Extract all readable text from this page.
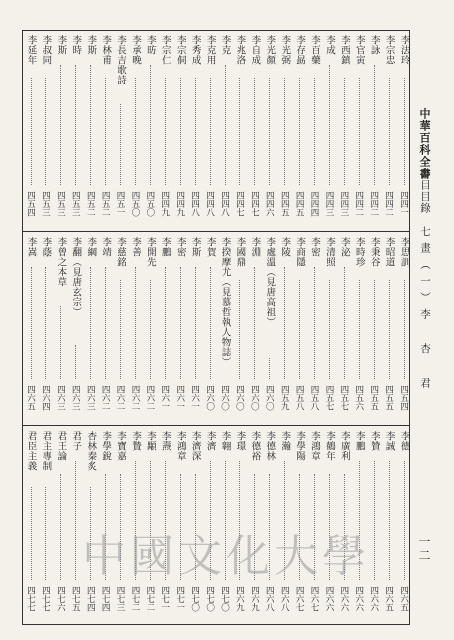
李法玲
四四一
李宗忠
四四二
李詠
四四二
李官寅
四四二
李西鎮
四四三
李成
四四三
李百藥
四四四
李存勗
四四五
李光弼
四四五
李光顏
四四六
李自成
四四七
李兆洛
四四七
李克
四四八
李克用
四四八
李秀成
四四八
李宗侗
四四九
李宗仁
四四九
李昉
四五〇
李承晚
四五〇
李長吉歌詩
四五一
李林甫
四五二
李斯
四五二
李時
四五三
李斯
四五三
李叔同
四五三
李延年
四五四
李思訓
四五四
李昭道
四五五
李秉谷
四五五
李時珍
四五六
李泌
四五七
李清照
四五七
李密
四五八
李商隱
四五八
李陵
四五九
李處溫（見唐高祖）
四六〇
李淵
四六〇
李國鼎
四六〇
李揆摩尤（見慕哲執人物誌）
四六〇
李賀
四六〇
李斯
四六一
李密
四六一
李鵬
四六一
李開先
四六二
李善
四六二
李慈銘
四六二
李靖
四六二
李綱
四六三
李翻（見唐玄宗）
四六三
李曾之本草
四六三
李蔭
四六四
李嵩
四六五
李德
四六五
李誠
四六五
李贊
四六六
李鵬
四六六
李廣利
四六六
李鶴年
四六六
李鴻章
四六七
李學陽
四六七
李瀚
四六八
李德林
四六八
李德裕
四六九
李璟
四六九
李翱
四七〇
李濟
四七〇
李濟深
四七〇
李鴻章
四七一
李燾
四七一
李顒
四七二
李贄
四七二
李寶嘉
四七三
李學銳
四七四
杏林秦炙
四七四
君子
四七五
君王論
四七六
君主專制
四七七
君臣主義
四七七
中華百科全書
辭目目錄
七畫（一）李 杏 君
一二
中國文化大學
